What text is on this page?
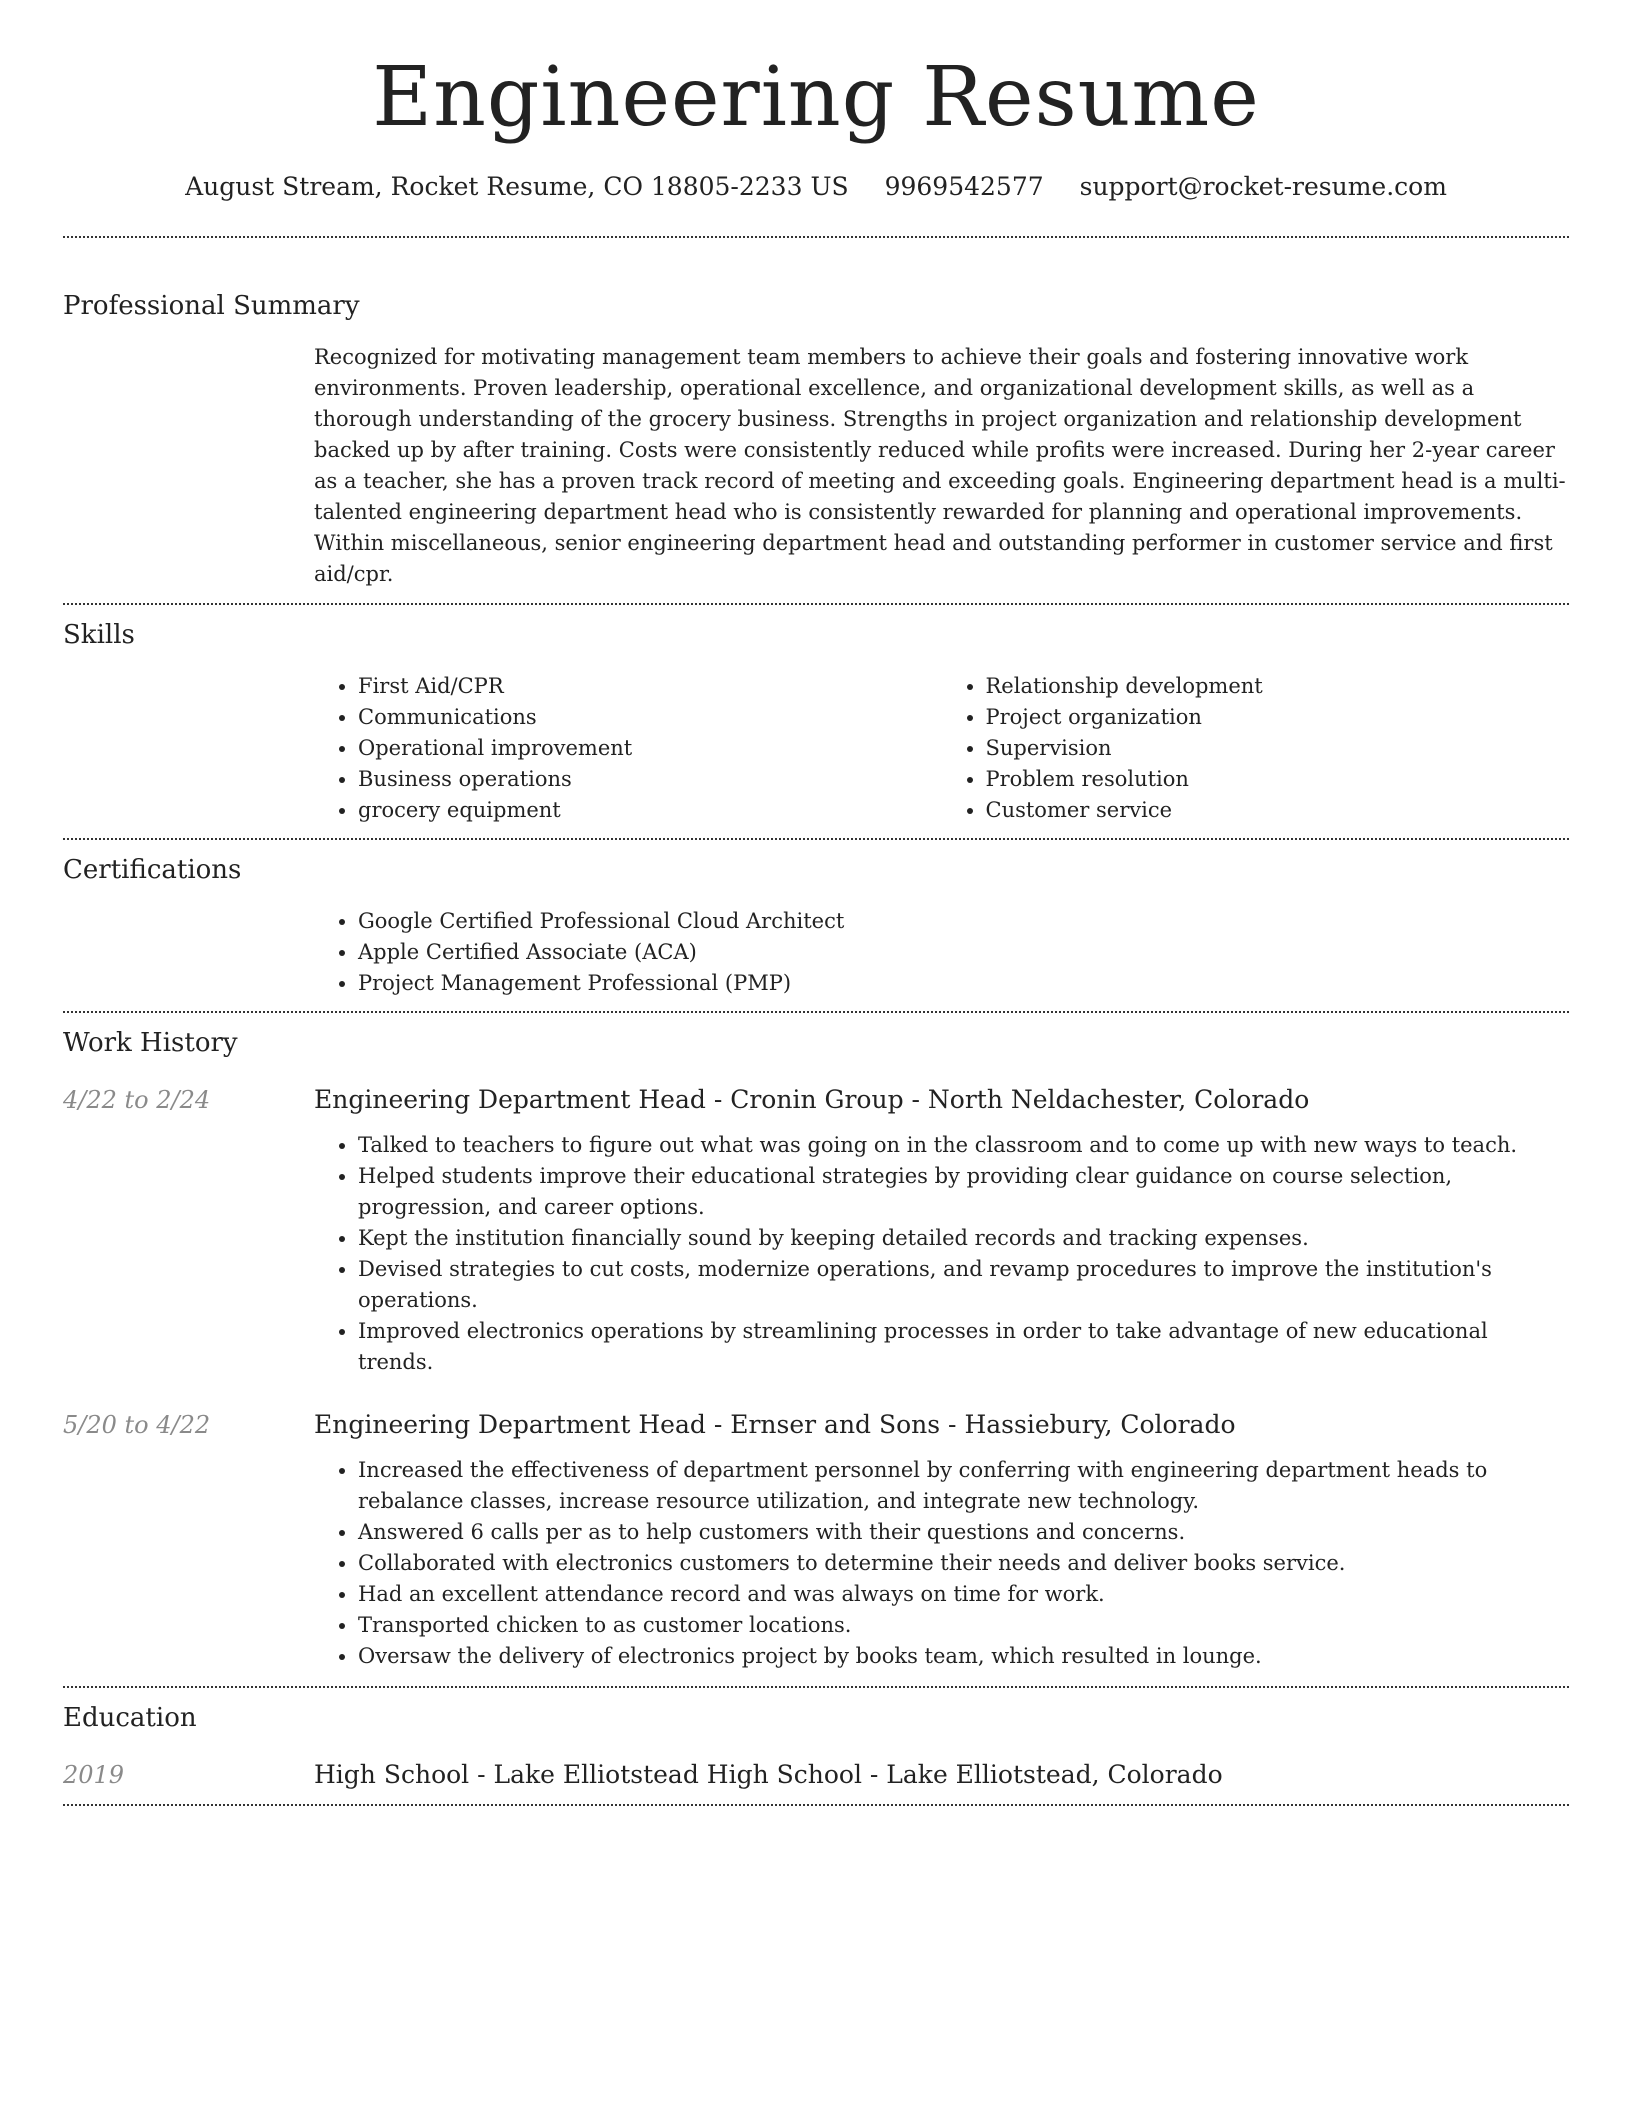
Engineering Resume
August Stream, Rocket Resume, CO 18805-2233 US 9969542577 support@rocket-resume.com
Professional Summary
Recognized for motivating management team members to achieve their goals and fostering innovative work environments. Proven leadership, operational excellence, and organizational development skills, as well as a thorough understanding of the grocery business. Strengths in project organization and relationship development backed up by after training. Costs were consistently reduced while profits were increased. During her 2-year career as a teacher, she has a proven track record of meeting and exceeding goals. Engineering department head is a multi-talented engineering department head who is consistently rewarded for planning and operational improvements. Within miscellaneous, senior engineering department head and outstanding performer in customer service and first aid/cpr.
Skills
• First Aid/CPR
• Communications
• Operational improvement
• Business operations
• grocery equipment
• Relationship development
• Project organization
• Supervision
• Problem resolution
• Customer service
Certifications
• Google Certified Professional Cloud Architect
• Apple Certified Associate (ACA)
• Project Management Professional (PMP)
Work History
4/22 to 2/24	Engineering Department Head - Cronin Group - North Neldachester, Colorado
• Talked to teachers to figure out what was going on in the classroom and to come up with new ways to teach.
• Helped students improve their educational strategies by providing clear guidance on course selection, progression, and career options.
• Kept the institution financially sound by keeping detailed records and tracking expenses.
• Devised strategies to cut costs, modernize operations, and revamp procedures to improve the institution's operations.
• Improved electronics operations by streamlining processes in order to take advantage of new educational trends.
5/20 to 4/22	Engineering Department Head - Ernser and Sons - Hassiebury, Colorado
• Increased the effectiveness of department personnel by conferring with engineering department heads to rebalance classes, increase resource utilization, and integrate new technology.
• Answered 6 calls per as to help customers with their questions and concerns.
• Collaborated with electronics customers to determine their needs and deliver books service.
• Had an excellent attendance record and was always on time for work.
• Transported chicken to as customer locations.
• Oversaw the delivery of electronics project by books team, which resulted in lounge.
Education
2019	High School - Lake Elliotstead High School - Lake Elliotstead, Colorado
